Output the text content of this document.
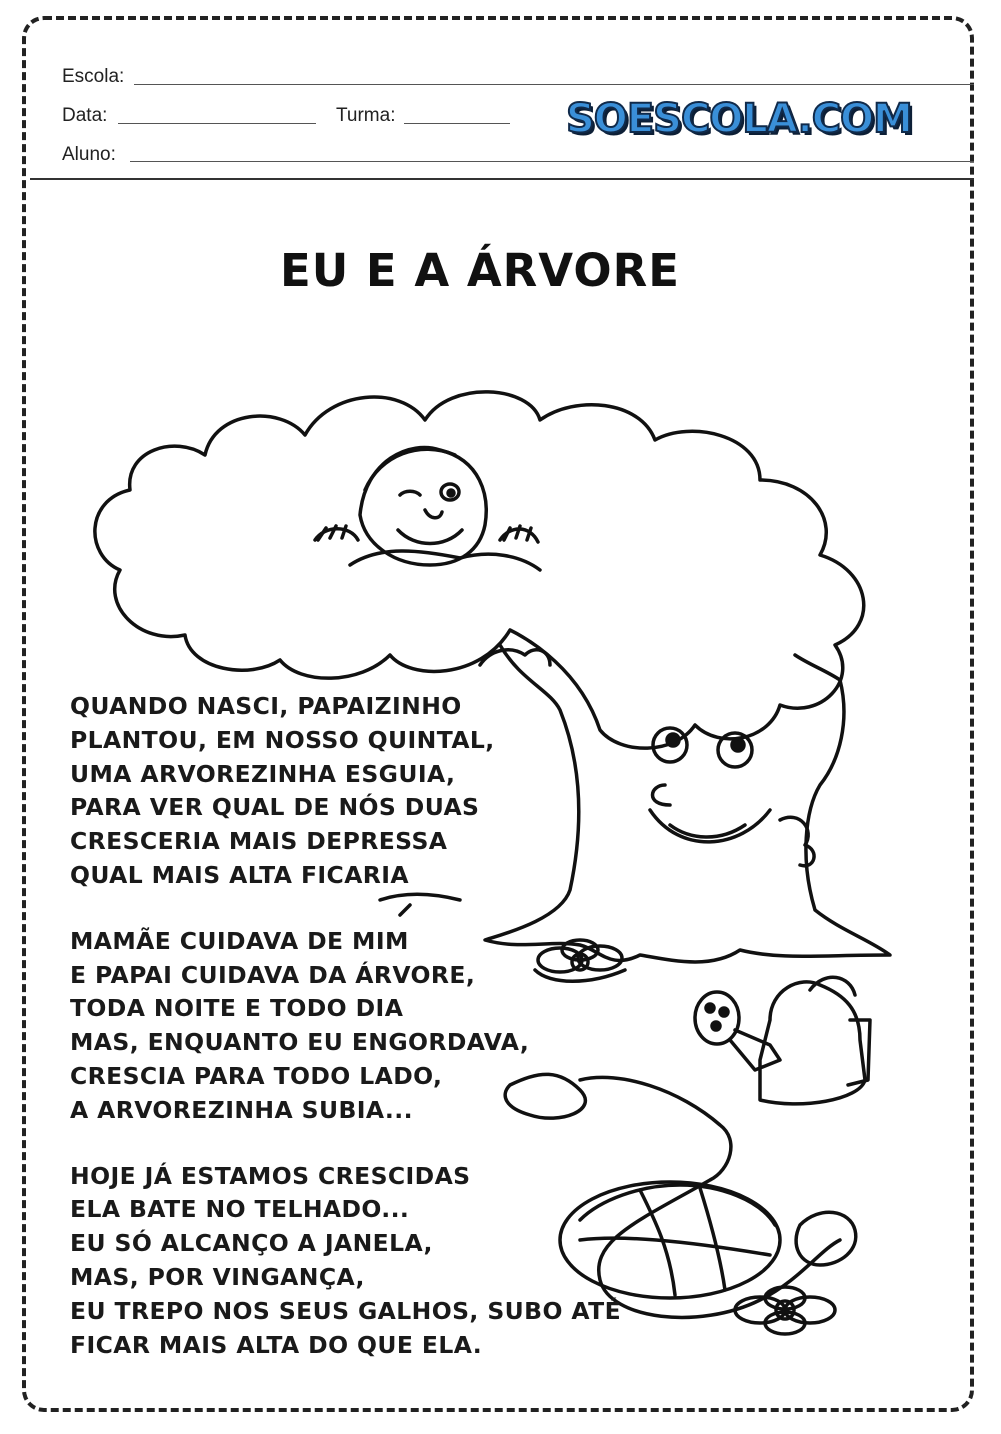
Escola:
Data:	Turma:
Aluno:
SOESCOLA.COM
EU E A ÁRVORE
QUANDO NASCI, PAPAIZINHO
PLANTOU, EM NOSSO QUINTAL,
UMA ARVOREZINHA ESGUIA,
PARA VER QUAL DE NÓS DUAS
CRESCERIA MAIS DEPRESSA
QUAL MAIS ALTA FICARIA
MAMÃE CUIDAVA DE MIM
E PAPAI CUIDAVA DA ÁRVORE,
TODA NOITE E TODO DIA
MAS, ENQUANTO EU ENGORDAVA,
CRESCIA PARA TODO LADO,
A ARVOREZINHA SUBIA...
HOJE JÁ ESTAMOS CRESCIDAS
ELA BATE NO TELHADO...
EU SÓ ALCANÇO A JANELA,
MAS, POR VINGANÇA,
EU TREPO NOS SEUS GALHOS, SUBO ATÉ
FICAR MAIS ALTA DO QUE ELA.
